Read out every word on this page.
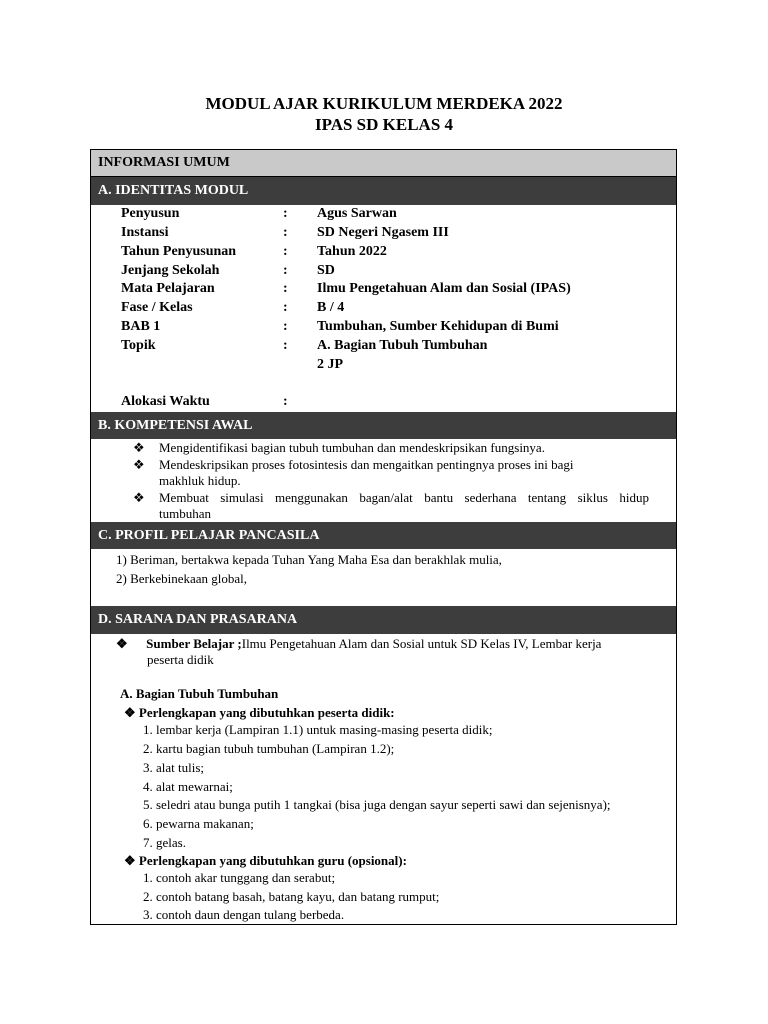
MODUL AJAR KURIKULUM MERDEKA 2022
IPAS SD KELAS 4
INFORMASI UMUM
A. IDENTITAS MODUL
Penyusun	: Agus Sarwan
Instansi	: SD Negeri Ngasem III
Tahun Penyusunan	: Tahun 2022
Jenjang Sekolah	: SD
Mata Pelajaran	: Ilmu Pengetahuan Alam dan Sosial (IPAS)
Fase / Kelas	: B / 4
BAB 1	: Tumbuhan, Sumber Kehidupan di Bumi
Topik	: A. Bagian Tubuh Tumbuhan
2 JP
Alokasi Waktu	:
B. KOMPETENSI AWAL
❖ Mengidentifikasi bagian tubuh tumbuhan dan mendeskripsikan fungsinya.
❖ Mendeskripsikan proses fotosintesis dan mengaitkan pentingnya proses ini bagi
makhluk hidup.
❖ Membuat simulasi menggunakan bagan/alat bantu sederhana tentang siklus hidup
tumbuhan
C. PROFIL PELAJAR PANCASILA
1) Beriman, bertakwa kepada Tuhan Yang Maha Esa dan berakhlak mulia,
2) Berkebinekaan global,
D. SARANA DAN PRASARANA
❖ Sumber Belajar ;Ilmu Pengetahuan Alam dan Sosial untuk SD Kelas IV, Lembar kerja
peserta didik
A. Bagian Tubuh Tumbuhan
❖ Perlengkapan yang dibutuhkan peserta didik:
1. lembar kerja (Lampiran 1.1) untuk masing-masing peserta didik;
2. kartu bagian tubuh tumbuhan (Lampiran 1.2);
3. alat tulis;
4. alat mewarnai;
5. seledri atau bunga putih 1 tangkai (bisa juga dengan sayur seperti sawi dan sejenisnya);
6. pewarna makanan;
7. gelas.
❖ Perlengkapan yang dibutuhkan guru (opsional):
1. contoh akar tunggang dan serabut;
2. contoh batang basah, batang kayu, dan batang rumput;
3. contoh daun dengan tulang berbeda.
